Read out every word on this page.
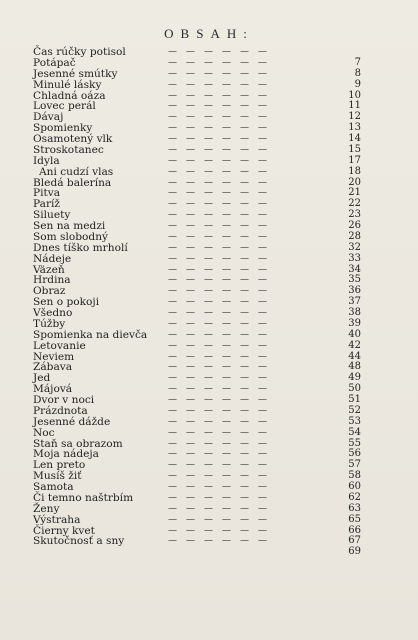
OBSAH:
Čas rúčky potisol	—  —  —  —  —  —
Potápač	—  —  —  —  —  —	7
Jesenné smútky	—  —  —  —  —  —	8
Minulé lásky	—  —  —  —  —  —	9
Chladná oáza	—  —  —  —  —  —	10
Lovec perál	—  —  —  —  —  —	11
Dávaj	—  —  —  —  —  —	12
Spomienky	—  —  —  —  —  —	13
Osamotený vlk	—  —  —  —  —  —	14
Stroskotanec	—  —  —  —  —  —	15
Idyla	—  —  —  —  —  —	17
Ani cudzí vlas	—  —  —  —  —  —	18
Bledá balerína	—  —  —  —  —  —	20
Pitva	—  —  —  —  —  —	21
Paríž	—  —  —  —  —  —	22
Siluety	—  —  —  —  —  —	23
Sen na medzi	—  —  —  —  —  —	26
Som slobodný	—  —  —  —  —  —	28
Dnes tíško mrholí	—  —  —  —  —  —	32
Nádeje	—  —  —  —  —  —	33
Väzeň	—  —  —  —  —  —	34
Hrdina	—  —  —  —  —  —	35
Obraz	—  —  —  —  —  —	36
Sen o pokoji	—  —  —  —  —  —	37
Všedno	—  —  —  —  —  —	38
Túžby	—  —  —  —  —  —	39
Spomienka na dievča —  —  —  —  —  —	40
Letovanie	—  —  —  —  —  —	42
Neviem	—  —  —  —  —  —	44
Zábava	—  —  —  —  —  —	48
Jed	—  —  —  —  —  —	49
Májová	—  —  —  —  —  —	50
Dvor v noci	—  —  —  —  —  —	51
Prázdnota	—  —  —  —  —  —	52
Jesenné dážde	—  —  —  —  —  —	53
Noc	—  —  —  —  —  —	54
Staň sa obrazom	—  —  —  —  —  —	55
Moja nádeja	—  —  —  —  —  —	56
Len preto	—  —  —  —  —  —	57
Musíš žiť	—  —  —  —  —  —	58
Samota	—  —  —  —  —  —	60
Či temno naštrbím	—  —  —  —  —  —	62
Ženy	—  —  —  —  —  —	63
Výstraha	—  —  —  —  —  —	65
Čierny kvet	—  —  —  —  —  —	66
Skutočnosť a sny	—  —  —  —  —  —	67
69
